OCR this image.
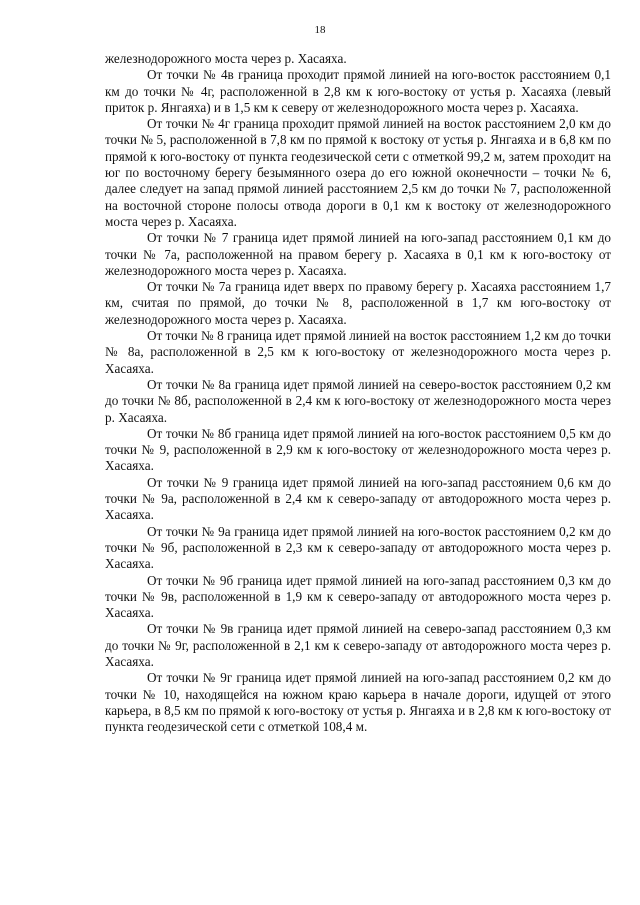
18

железнодорожного моста через р. Хасаяха.

От точки № 4в граница проходит прямой линией на юго-восток расстоянием 0,1 км до точки № 4г, расположенной в 2,8 км к юго-востоку от устья р. Хасаяха (левый приток р. Янгаяха) и в 1,5 км к северу от железнодорожного моста через р. Хасаяха.

От точки № 4г граница проходит прямой линией на восток расстоянием 2,0 км до точки № 5, расположенной в 7,8 км по прямой к востоку от устья р. Янгаяха и в 6,8 км по прямой к юго-востоку от пункта геодезической сети с отметкой 99,2 м, затем проходит на юг по восточному берегу безымянного озера до его южной оконечности – точки № 6, далее следует на запад прямой линией расстоянием 2,5 км до точки № 7, расположенной на восточной стороне полосы отвода дороги в 0,1 км к востоку от железнодорожного моста через р. Хасаяха.

От точки № 7 граница идет прямой линией на юго-запад расстоянием 0,1 км до точки № 7а, расположенной на правом берегу р. Хасаяха в 0,1 км к юго-востоку от железнодорожного моста через р. Хасаяха.

От точки № 7а граница идет вверх по правому берегу р. Хасаяха расстоянием 1,7 км, считая по прямой, до точки № 8, расположенной в 1,7 км юго-востоку от железнодорожного моста через р. Хасаяха.

От точки № 8 граница идет прямой линией на восток расстоянием 1,2 км до точки № 8а, расположенной в 2,5 км к юго-востоку от железнодорожного моста через р. Хасаяха.

От точки № 8а граница идет прямой линией на северо-восток расстоянием 0,2 км до точки № 8б, расположенной в 2,4 км к юго-востоку от железнодорожного моста через р. Хасаяха.

От точки № 8б граница идет прямой линией на юго-восток расстоянием 0,5 км до точки № 9, расположенной в 2,9 км к юго-востоку от железнодорожного моста через р. Хасаяха.

От точки № 9 граница идет прямой линией на юго-запад расстоянием 0,6 км до точки № 9а, расположенной в 2,4 км к северо-западу от автодорожного моста через р. Хасаяха.

От точки № 9а граница идет прямой линией на юго-восток расстоянием 0,2 км до точки № 9б, расположенной в 2,3 км к северо-западу от автодорожного моста через р. Хасаяха.

От точки № 9б граница идет прямой линией на юго-запад расстоянием 0,3 км до точки № 9в, расположенной в 1,9 км к северо-западу от автодорожного моста через р. Хасаяха.

От точки № 9в граница идет прямой линией на северо-запад расстоянием 0,3 км до точки № 9г, расположенной в 2,1 км к северо-западу от автодорожного моста через р. Хасаяха.

От точки № 9г граница идет прямой линией на юго-запад расстоянием 0,2 км до точки № 10, находящейся на южном краю карьера в начале дороги, идущей от этого карьера, в 8,5 км по прямой к юго-востоку от устья р. Янгаяха и в 2,8 км к юго-востоку от пункта геодезической сети с отметкой 108,4 м.
